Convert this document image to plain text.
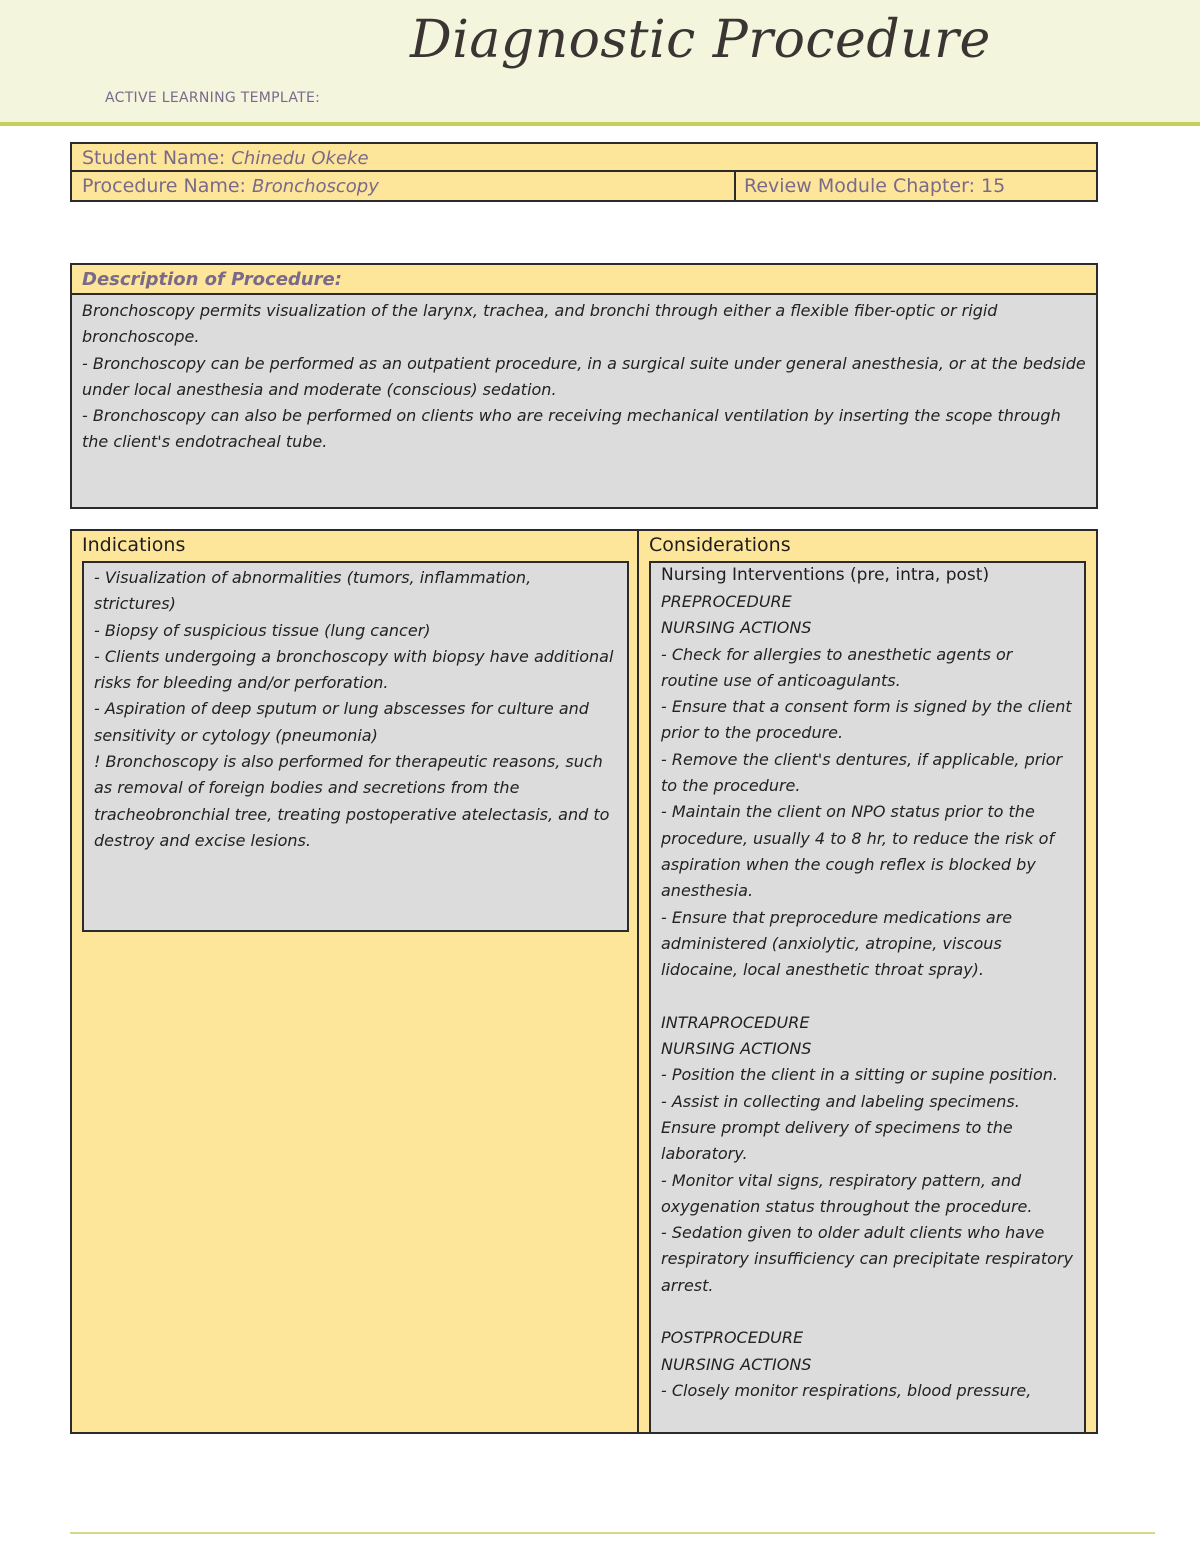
Diagnostic Procedure
ACTIVE LEARNING TEMPLATE:
Student Name: Chinedu Okeke
Procedure Name: Bronchoscopy	Review Module Chapter: 15
Description of Procedure:

Bronchoscopy permits visualization of the larynx, trachea, and bronchi through either a flexible fiber-optic or rigid bronchoscope.

- Bronchoscopy can be performed as an outpatient procedure, in a surgical suite under general anesthesia, or at the bedside under local anesthesia and moderate (conscious) sedation.

- Bronchoscopy can also be performed on clients who are receiving mechanical ventilation by inserting the scope through the client's endotracheal tube.

Indications	Considerations

- Visualization of abnormalities (tumors, inflammation, strictures)

- Biopsy of suspicious tissue (lung cancer)

- Clients undergoing a bronchoscopy with biopsy have additional risks for bleeding and/or perforation.

- Aspiration of deep sputum or lung abscesses for culture and sensitivity or cytology (pneumonia)

! Bronchoscopy is also performed for therapeutic reasons, such as removal of foreign bodies and secretions from the tracheobronchial tree, treating postoperative atelectasis, and to destroy and excise lesions.

Nursing Interventions (pre, intra, post)

PREPROCEDURE

NURSING ACTIONS

- Check for allergies to anesthetic agents or routine use of anticoagulants.

- Ensure that a consent form is signed by the client prior to the procedure.

- Remove the client's dentures, if applicable, prior to the procedure.

- Maintain the client on NPO status prior to the procedure, usually 4 to 8 hr, to reduce the risk of aspiration when the cough reflex is blocked by anesthesia.

- Ensure that preprocedure medications are administered (anxiolytic, atropine, viscous lidocaine, local anesthetic throat spray).

INTRAPROCEDURE

NURSING ACTIONS

- Position the client in a sitting or supine position.

- Assist in collecting and labeling specimens. Ensure prompt delivery of specimens to the laboratory.

- Monitor vital signs, respiratory pattern, and oxygenation status throughout the procedure.

- Sedation given to older adult clients who have respiratory insufficiency can precipitate respiratory arrest.

POSTPROCEDURE

NURSING ACTIONS

- Closely monitor respirations, blood pressure,
